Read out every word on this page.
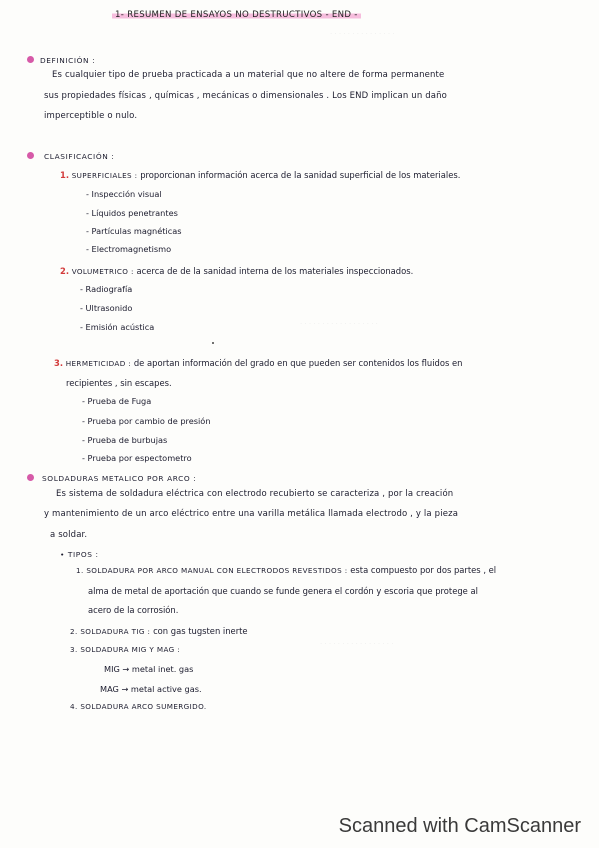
1- RESUMEN DE ENSAYOS NO DESTRUCTIVOS - END -
DEFINICIÓN :
Es cualquier tipo de prueba practicada a un material que no altere de forma permanente
sus propiedades físicas , químicas , mecánicas o dimensionales . Los END implican un daño
imperceptible o nulo.
CLASIFICACIÓN :
1. SUPERFICIALES : proporcionan información acerca de la sanidad superficial de los materiales.
- Inspección visual
- Líquidos penetrantes
- Partículas magnéticas
- Electromagnetismo
2. VOLUMETRICO : acerca de de la sanidad interna de los materiales inspeccionados.
- Radiografía
- Ultrasonido
- Emisión acústica
3. HERMETICIDAD : de aportan información del grado en que pueden ser contenidos los fluidos en
recipientes , sin escapes.
- Prueba de Fuga
- Prueba por cambio de presión
- Prueba de burbujas
- Prueba por espectometro
SOLDADURAS METALICO POR ARCO :
Es sistema de soldadura eléctrica con electrodo recubierto se caracteriza , por la creación
y mantenimiento de un arco eléctrico entre una varilla metálica llamada electrodo , y la pieza
a soldar.
• TIPOS :
1. SOLDADURA POR ARCO MANUAL CON ELECTRODOS REVESTIDOS : esta compuesto por dos partes , el
alma de metal de aportación que cuando se funde genera el cordón y escoria que protege al
acero de la corrosión.
2. SOLDADURA TIG : con gas tugsten inerte
3. SOLDADURA MIG Y MAG :
MIG → metal inet. gas
MAG → metal active gas.
4. SOLDADURA ARCO SUMERGIDO.
· · · · · · · · · · · · · · ·
· · · · · · · · · · · · · · · · · ·
· · · · · · · · · · · · · · · · ·
Scanned with CamScanner
